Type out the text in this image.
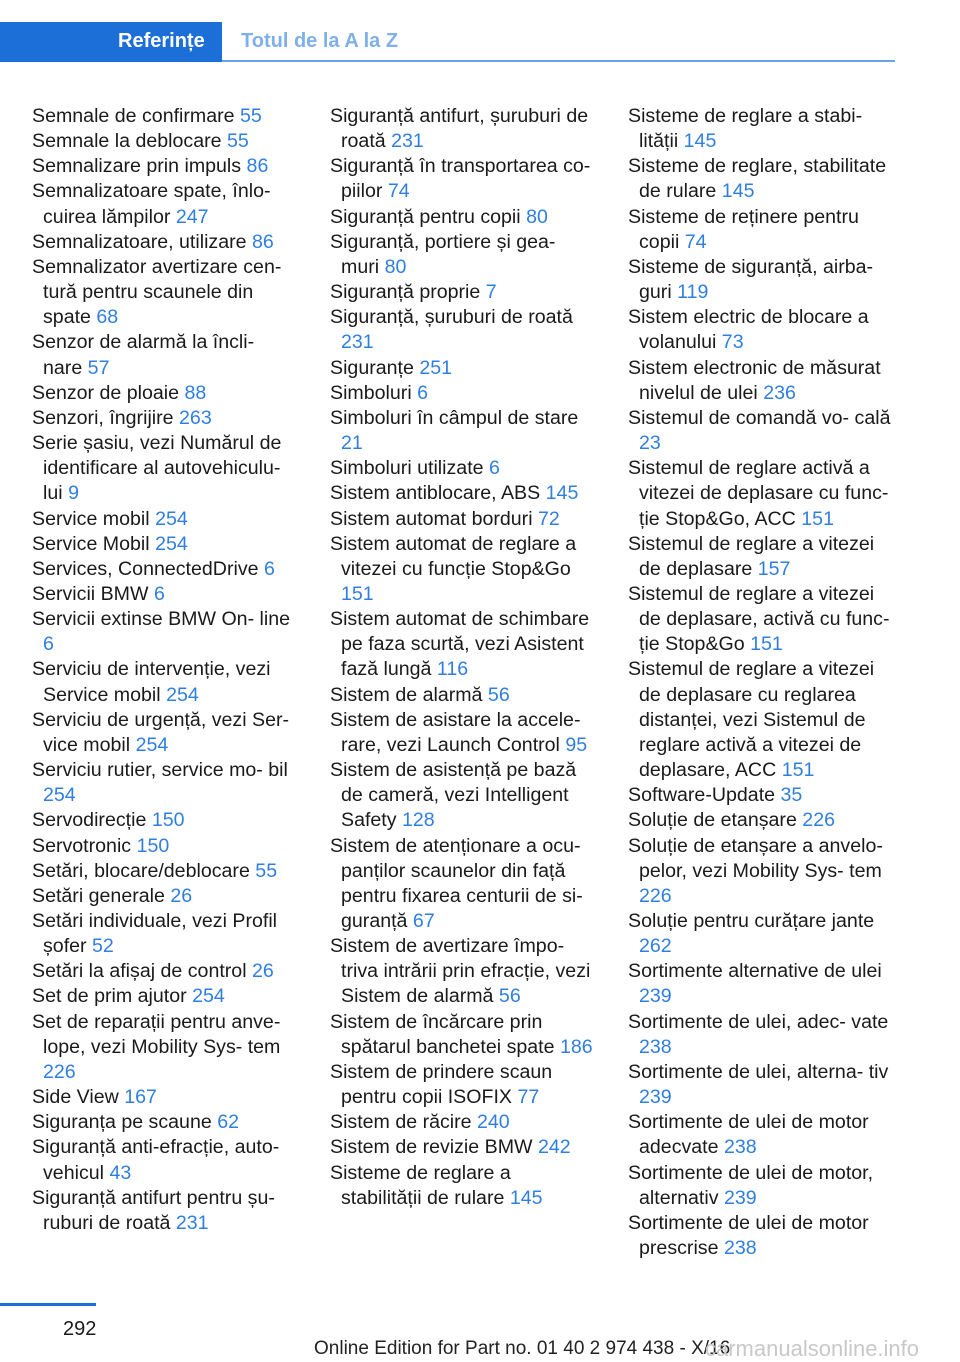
Referințe Totul de la A la Z

Semnale de confirmare 55

Semnale la deblocare 55

Semnalizare prin impuls 86

Semnalizatoare spate, înlo‐ cuirea lămpilor 247

Semnalizatoare, utilizare 86

Semnalizator avertizare cen‐ tură pentru scaunele din spate 68

Senzor de alarmă la încli‐ nare 57

Senzor de ploaie 88

Senzori, îngrijire 263

Serie șasiu, vezi Numărul de identificare al autovehiculu‐ lui 9

Service mobil 254

Service Mobil 254

Services, ConnectedDrive 6

Servicii BMW 6

Servicii extinse BMW On‐ line 6

Serviciu de intervenție, vezi Service mobil 254

Serviciu de urgență, vezi Ser‐ vice mobil 254

Serviciu rutier, service mo‐ bil 254

Servodirecție 150

Servotronic 150

Setări, blocare/deblocare 55

Setări generale 26

Setări individuale, vezi Profil șofer 52

Setări la afișaj de control 26

Set de prim ajutor 254

Set de reparații pentru anve‐ lope, vezi Mobility Sys‐ tem 226

Side View 167

Siguranța pe scaune 62

Siguranță anti-efracție, auto‐ vehicul 43

Siguranță antifurt pentru șu‐ ruburi de roată 231

Siguranță antifurt, șuruburi de roată 231

Siguranță în transportarea co‐ piilor 74

Siguranță pentru copii 80

Siguranță, portiere și gea‐ muri 80

Siguranță proprie 7

Siguranță, șuruburi de roată 231

Siguranțe 251

Simboluri 6

Simboluri în câmpul de stare 21

Simboluri utilizate 6

Sistem antiblocare, ABS 145

Sistem automat borduri 72

Sistem automat de reglare a vitezei cu funcție Stop&Go 151

Sistem automat de schimbare pe faza scurtă, vezi Asistent fază lungă 116

Sistem de alarmă 56

Sistem de asistare la accele‐ rare, vezi Launch Control 95

Sistem de asistență pe bază de cameră, vezi Intelligent Safety 128

Sistem de atenționare a ocu‐ panților scaunelor din față pentru fixarea centurii de si‐ guranță 67

Sistem de avertizare împo‐ triva intrării prin efracție, vezi Sistem de alarmă 56

Sistem de încărcare prin spătarul banchetei spate 186

Sistem de prindere scaun pentru copii ISOFIX 77

Sistem de răcire 240

Sistem de revizie BMW 242

Sisteme de reglare a stabilității de rulare 145

Sisteme de reglare a stabi‐ lității 145

Sisteme de reglare, stabilitate de rulare 145

Sisteme de reținere pentru copii 74

Sisteme de siguranță, airba‐ guri 119

Sistem electric de blocare a volanului 73

Sistem electronic de măsurat nivelul de ulei 236

Sistemul de comandă vo‐ cală 23

Sistemul de reglare activă a vitezei de deplasare cu func‐ ție Stop&Go, ACC 151

Sistemul de reglare a vitezei de deplasare 157

Sistemul de reglare a vitezei de deplasare, activă cu func‐ ție Stop&Go 151

Sistemul de reglare a vitezei de deplasare cu reglarea distanței, vezi Sistemul de reglare activă a vitezei de deplasare, ACC 151

Software-Update 35

Soluție de etanșare 226

Soluție de etanșare a anvelo‐ pelor, vezi Mobility Sys‐ tem 226

Soluție pentru curățare jante 262

Sortimente alternative de ulei 239

Sortimente de ulei, adec‐ vate 238

Sortimente de ulei, alterna‐ tiv 239

Sortimente de ulei de motor adecvate 238

Sortimente de ulei de motor, alternativ 239

Sortimente de ulei de motor prescrise 238

292
Online Edition for Part no. 01 40 2 974 438 - X/16
carmanualsonline.info
